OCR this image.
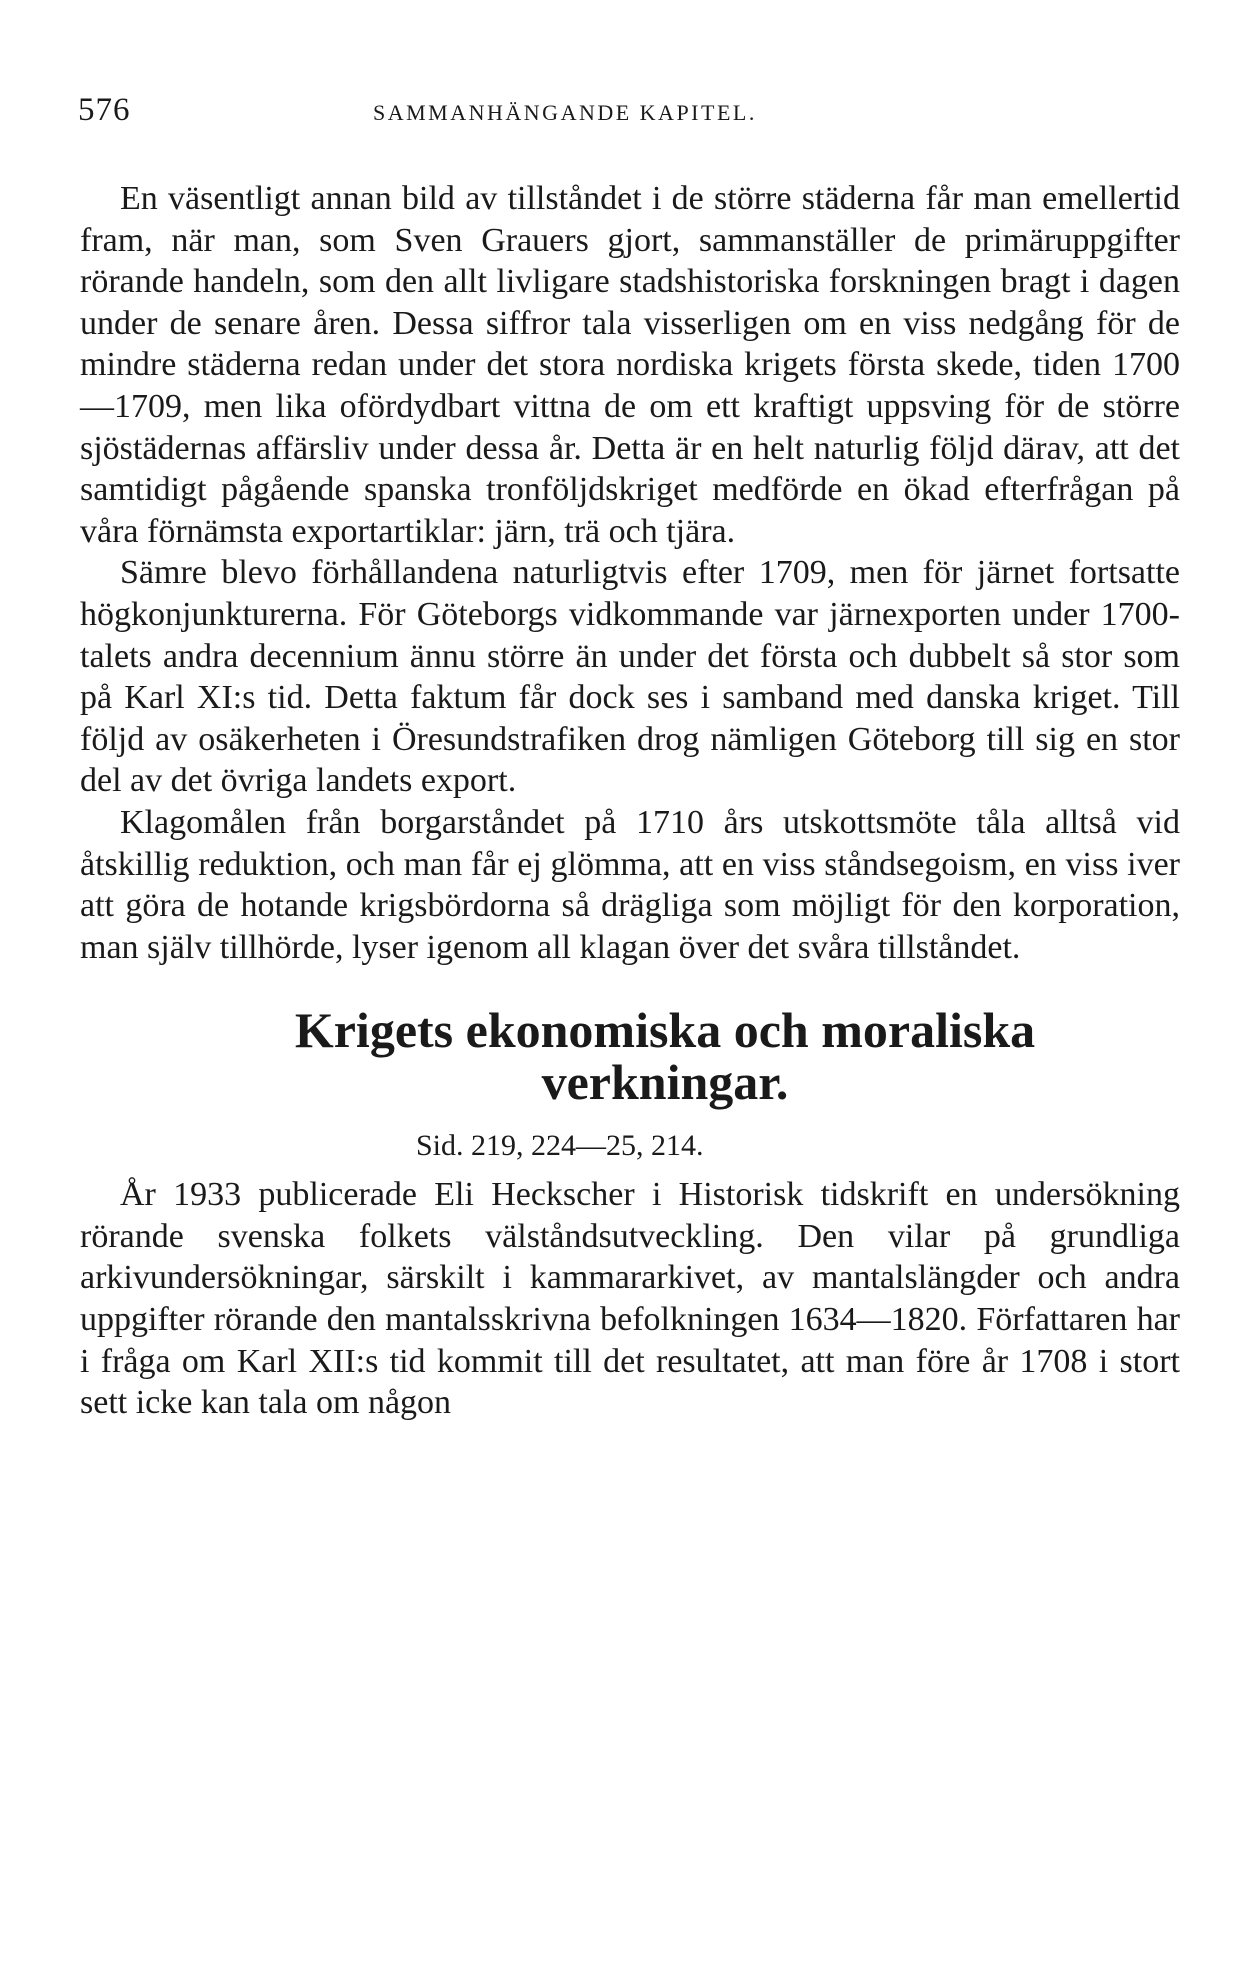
576	SAMMANHÄNGANDE KAPITEL.

En väsentligt annan bild av tillståndet i de större städerna får man emellertid fram, när man, som Sven Grauers gjort, sammanställer de primäruppgifter rörande handeln, som den allt livligare stadshistoriska forskningen bragt i dagen under de senare åren. Dessa siffror tala visserligen om en viss nedgång för de mindre städerna redan under det stora nordiska krigets första skede, tiden 1700—1709, men lika ofördydbart vittna de om ett kraftigt uppsving för de större sjöstädernas affärsliv under dessa år. Detta är en helt naturlig följd därav, att det samtidigt pågående spanska tronföljdskriget medförde en ökad efterfrågan på våra förnämsta exportartiklar: järn, trä och tjära.

Sämre blevo förhållandena naturligtvis efter 1709, men för järnet fortsatte högkonjunkturerna. För Göteborgs vidkommande var järnexporten under 1700-talets andra decennium ännu större än under det första och dubbelt så stor som på Karl XI:s tid. Detta faktum får dock ses i samband med danska kriget. Till följd av osäkerheten i Öresundstrafiken drog nämligen Göteborg till sig en stor del av det övriga landets export.

Klagomålen från borgarståndet på 1710 års utskottsmöte tåla alltså vid åtskillig reduktion, och man får ej glömma, att en viss ståndsegoism, en viss iver att göra de hotande krigsbördorna så drägliga som möjligt för den korporation, man själv tillhörde, lyser igenom all klagan över det svåra tillståndet.

Krigets ekonomiska och moraliska
verkningar.
Sid. 219, 224—25, 214.

År 1933 publicerade Eli Heckscher i Historisk tidskrift en undersökning rörande svenska folkets välståndsutveckling. Den vilar på grundliga arkivundersökningar, särskilt i kammararkivet, av mantalslängder och andra uppgifter rörande den mantalsskrivna befolkningen 1634—1820. Författaren har i fråga om Karl XII:s tid kommit till det resultatet, att man före år 1708 i stort sett icke kan tala om någon
